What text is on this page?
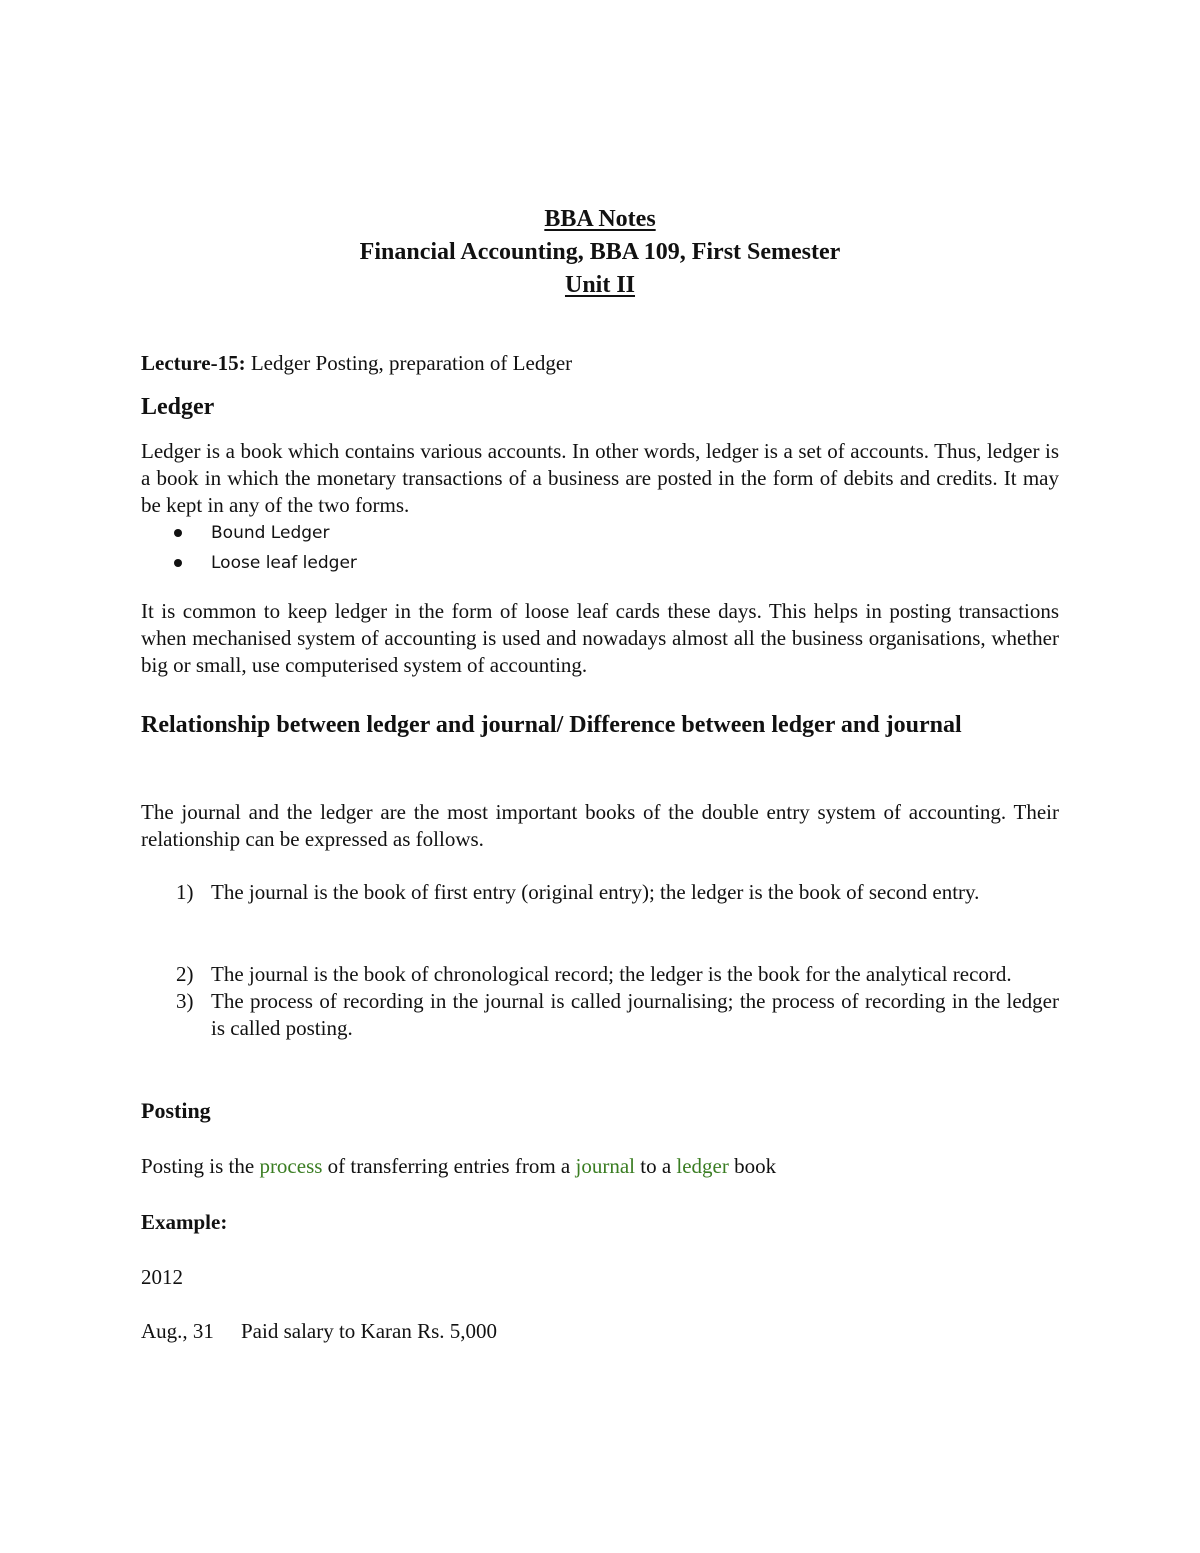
BBA Notes
Financial Accounting, BBA 109, First Semester
Unit II
Lecture-15: Ledger Posting, preparation of Ledger
Ledger
Ledger is a book which contains various accounts. In other words, ledger is a set of accounts. Thus, ledger is a book in which the monetary transactions of a business are posted in the form of debits and credits. It may be kept in any of the two forms.
Bound Ledger
Loose leaf ledger
It is common to keep ledger in the form of loose leaf cards these days. This helps in posting transactions when mechanised system of accounting is used and nowadays almost all the business organisations, whether big or small, use computerised system of accounting.
Relationship between ledger and journal/ Difference between ledger and journal
The journal and the ledger are the most important books of the double entry system of accounting. Their relationship can be expressed as follows.
1) The journal is the book of first entry (original entry); the ledger is the book of second entry.
2) The journal is the book of chronological record; the ledger is the book for the analytical record.
3) The process of recording in the journal is called journalising; the process of recording in the ledger is called posting.
Posting
Posting is the process of transferring entries from a journal to a ledger book
Example:
2012
Aug., 31 Paid salary to Karan Rs. 5,000
